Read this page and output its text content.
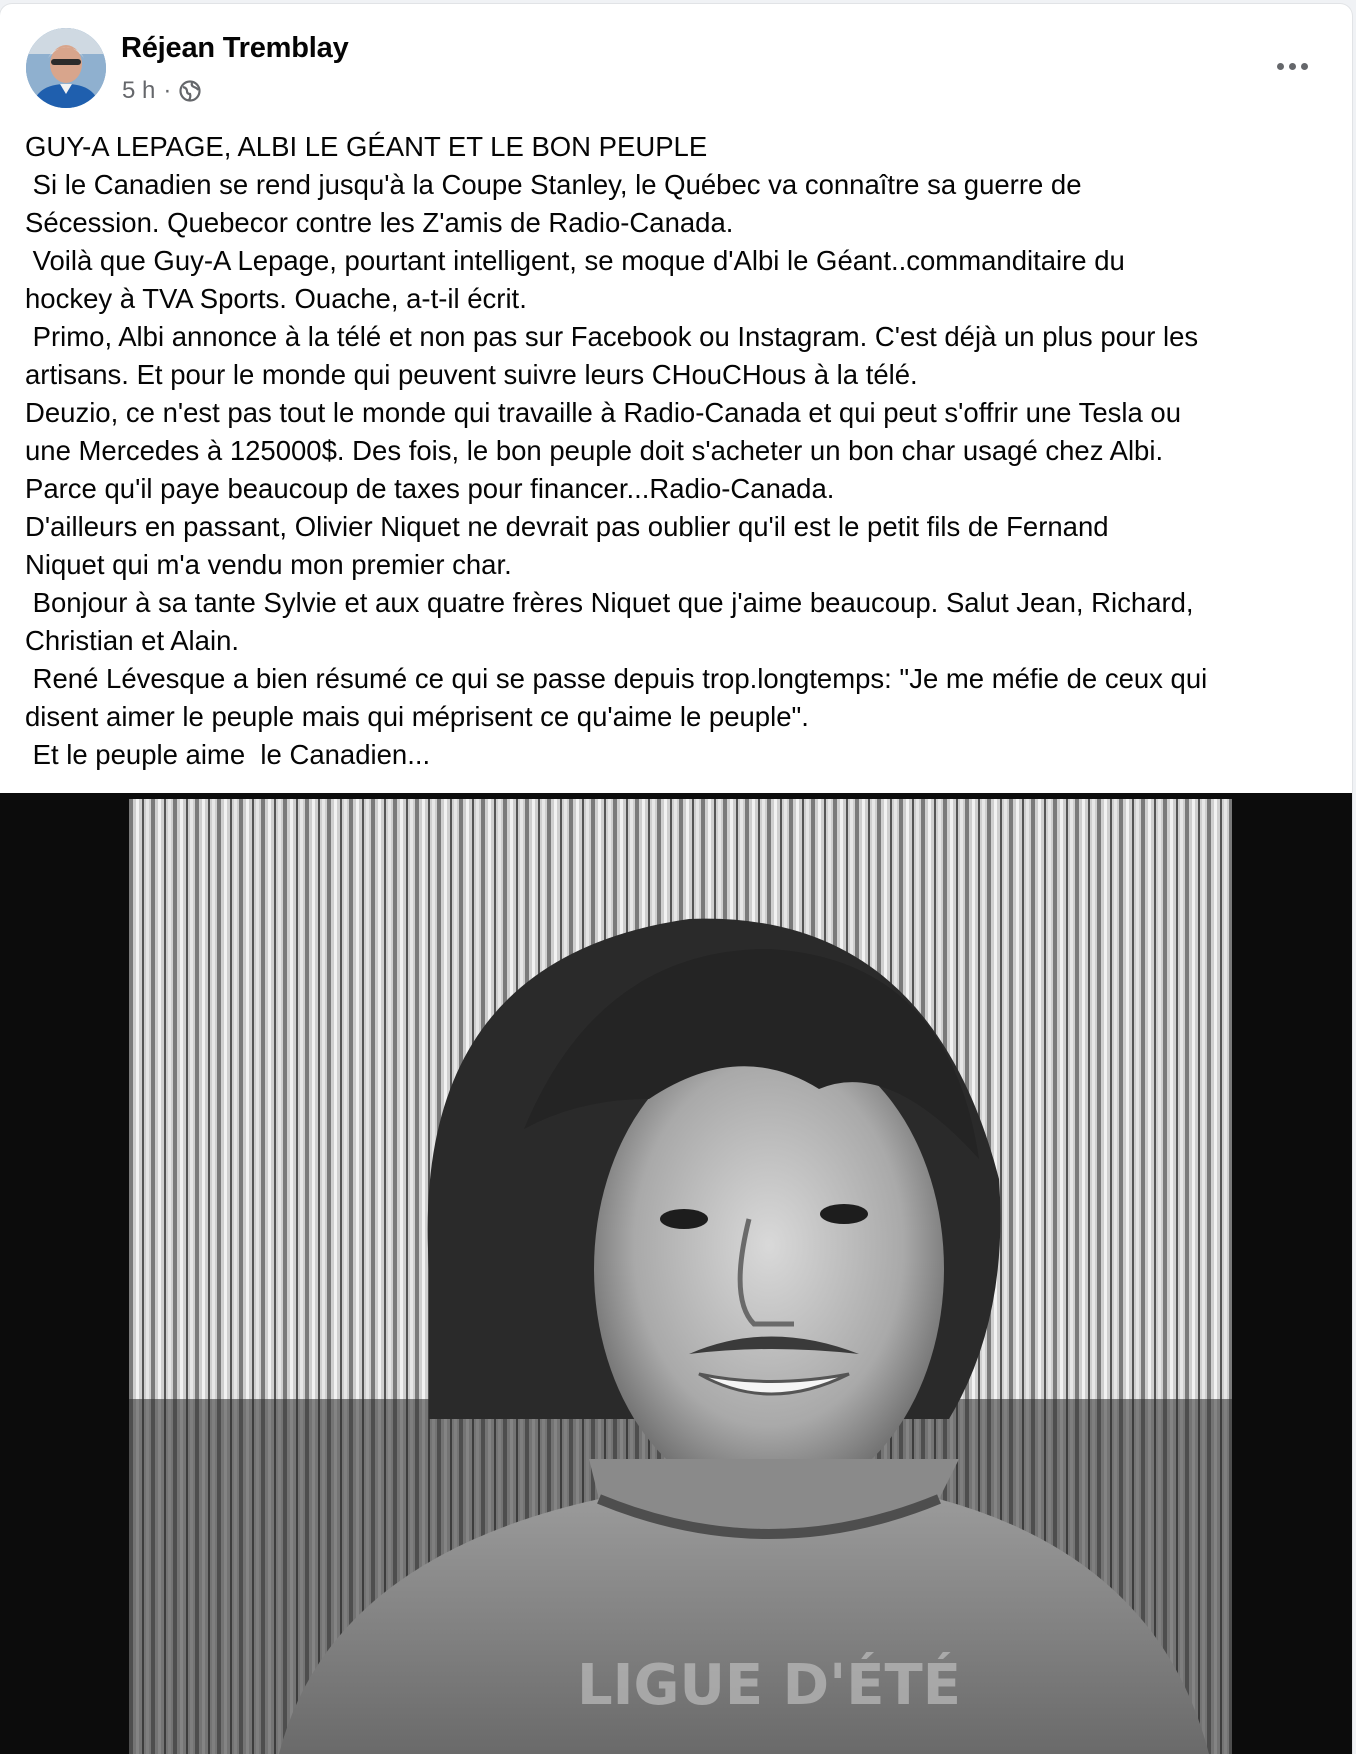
Réjean Tremblay
5 h ·
GUY-A LEPAGE, ALBI LE GÉANT ET LE BON PEUPLE
Si le Canadien se rend jusqu'à la Coupe Stanley, le Québec va connaître sa guerre de
Sécession. Quebecor contre les Z'amis de Radio-Canada.
Voilà que Guy-A Lepage, pourtant intelligent, se moque d'Albi le Géant..commanditaire du
hockey à TVA Sports. Ouache, a-t-il écrit.
Primo, Albi annonce à la télé et non pas sur Facebook ou Instagram. C'est déjà un plus pour les
artisans. Et pour le monde qui peuvent suivre leurs CHouCHous à la télé.
Deuzio, ce n'est pas tout le monde qui travaille à Radio-Canada et qui peut s'offrir une Tesla ou
une Mercedes à 125000$. Des fois, le bon peuple doit s'acheter un bon char usagé chez Albi.
Parce qu'il paye beaucoup de taxes pour financer...Radio-Canada.
D'ailleurs en passant, Olivier Niquet ne devrait pas oublier qu'il est le petit fils de Fernand
Niquet qui m'a vendu mon premier char.
Bonjour à sa tante Sylvie et aux quatre frères Niquet que j'aime beaucoup. Salut Jean, Richard,
Christian et Alain.
René Lévesque a bien résumé ce qui se passe depuis trop.longtemps: "Je me méfie de ceux qui
disent aimer le peuple mais qui méprisent ce qu'aime le peuple".
Et le peuple aime  le Canadien...
LIGUE D'ÉTÉ
